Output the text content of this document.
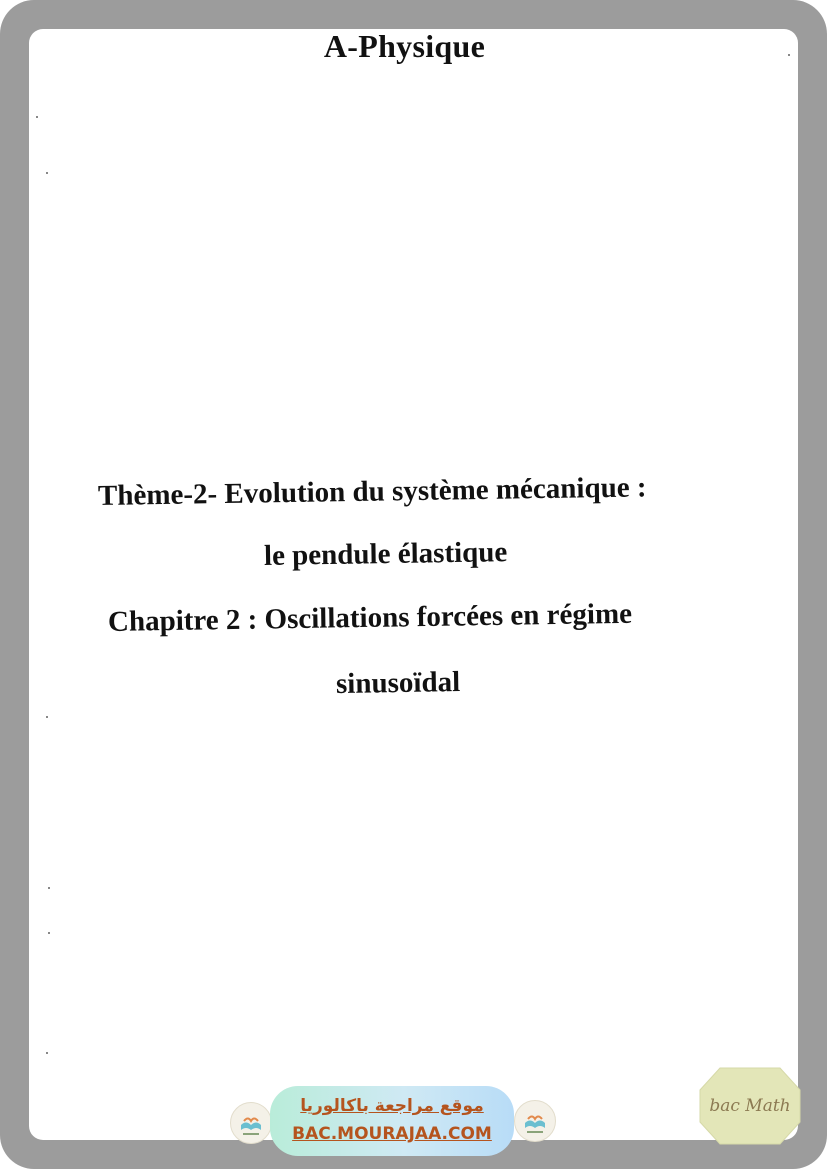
A-Physique
Thème-2- Evolution du système mécanique :
le pendule élastique
Chapitre 2 : Oscillations forcées en régime
sinusoïdal
موقع مراجعة باكالوريا
BAC.MOURAJAA.COM
bac Math
